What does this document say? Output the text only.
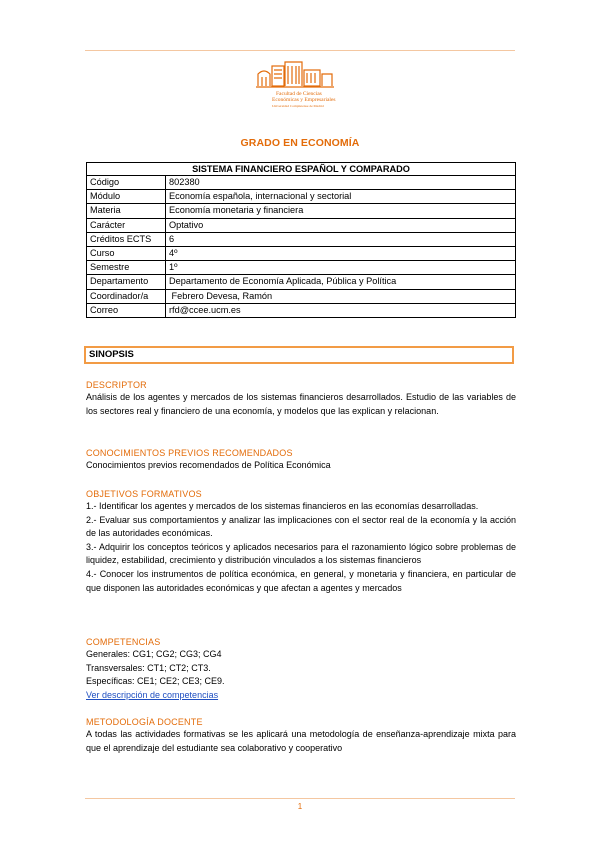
Facultad de Ciencias
Económicas y Empresariales
Universidad Complutense de Madrid
GRADO EN ECONOMÍA
SISTEMA FINANCIERO ESPAÑOL Y COMPARADO	
Código	802380
Módulo	Economía española, internacional y sectorial
Materia	Economía monetaria y financiera
Carácter	Optativo
Créditos ECTS	6
Curso	4º
Semestre	1º
Departamento	Departamento de Economía Aplicada, Pública y Política
Coordinador/a	Febrero Devesa, Ramón
Correo	rfd@ccee.ucm.es
SINOPSIS
DESCRIPTOR
Análisis de los agentes y mercados de los sistemas financieros desarrollados. Estudio de las variables de los sectores real y financiero de una economía, y modelos que las explican y relacionan.
CONOCIMIENTOS PREVIOS RECOMENDADOS
Conocimientos previos recomendados de Política Económica
OBJETIVOS FORMATIVOS
1.- Identificar los agentes y mercados de los sistemas financieros en las economías desarrolladas.
2.- Evaluar sus comportamientos y analizar las implicaciones con el sector real de la economía y la acción de las autoridades económicas.
3.- Adquirir los conceptos teóricos y aplicados necesarios para el razonamiento lógico sobre problemas de liquidez, estabilidad, crecimiento y distribución vinculados a los sistemas financieros
4.- Conocer los instrumentos de política económica, en general, y monetaria y financiera, en particular de que disponen las autoridades económicas y que afectan a agentes y mercados
COMPETENCIAS
Generales: CG1; CG2; CG3; CG4
Transversales: CT1; CT2; CT3.
Específicas: CE1; CE2; CE3; CE9.
Ver descripción de competencias
METODOLOGÍA DOCENTE
A todas las actividades formativas se les aplicará una metodología de enseñanza-aprendizaje mixta para que el aprendizaje del estudiante sea colaborativo y cooperativo
1
